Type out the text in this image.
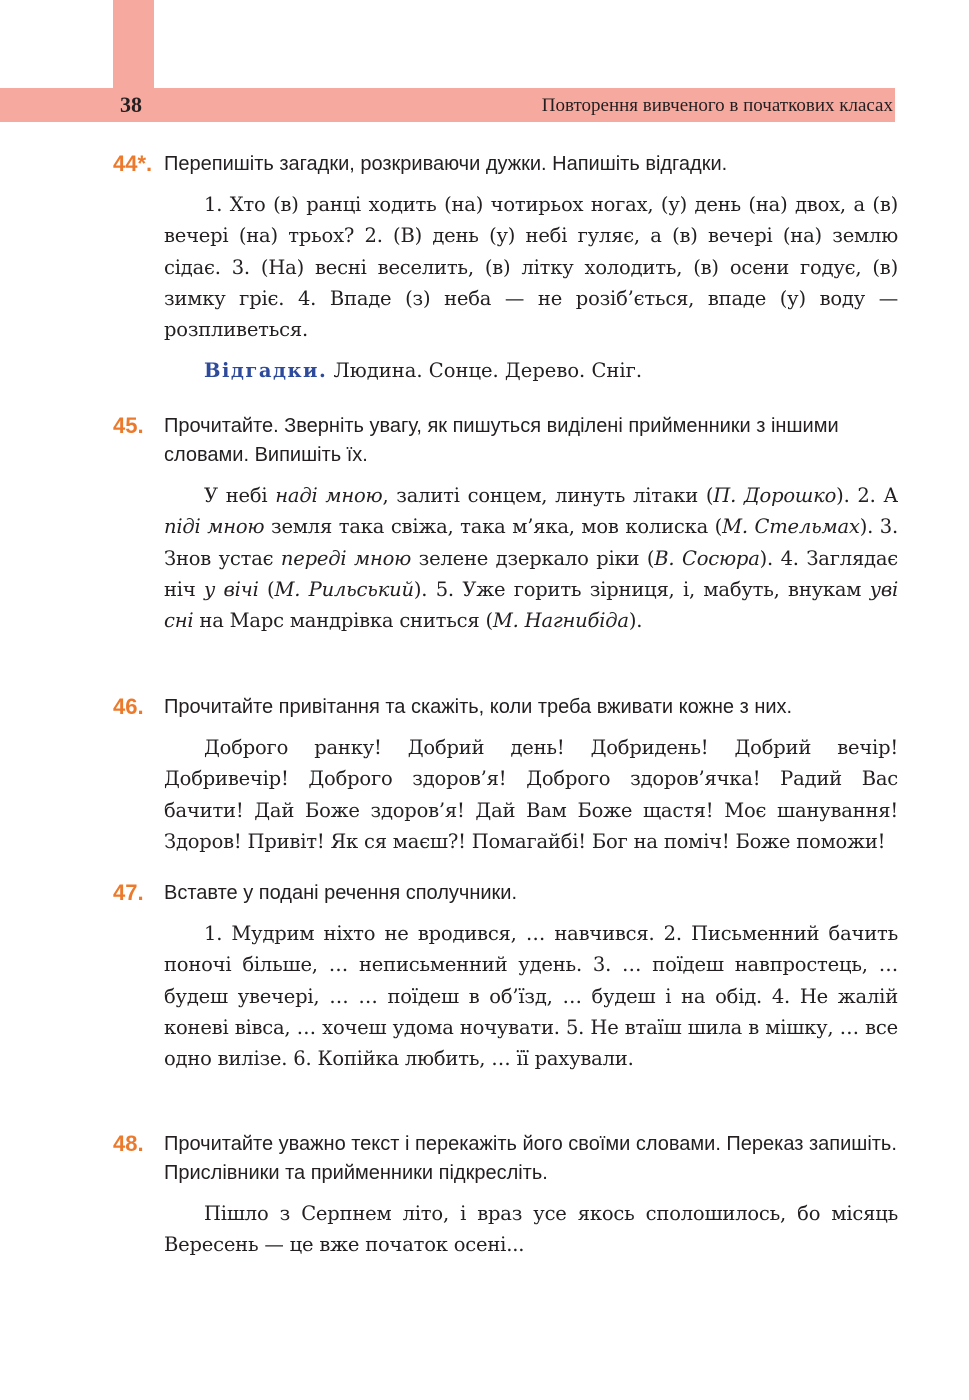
38	Повторення вивченого в початкових класах
44*. Перепишіть загадки, розкриваючи дужки. Напишіть відгадки.
1. Хто (в) ранці ходить (на) чотирьох ногах, (у) день (на) двох, а (в) вечері (на) трьох? 2. (В) день (у) небі гуляє, а (в) вечері (на) землю сідає. 3. (На) весні веселить, (в) літку холодить, (в) осени годує, (в) зимку гріє. 4. Впаде (з) неба — не розіб’ється, впаде (у) воду — розпливеться.
Відгадки. Людина. Сонце. Дерево. Сніг.
45. Прочитайте. Зверніть увагу, як пишуться виділені прийменники з іншими словами. Випишіть їх.
У небі наді мною, залиті сонцем, линуть літаки (П. Дорошко). 2. А піді мною земля така свіжа, така м’яка, мов колиска (М. Стельмах). 3. Знов устає переді мною зелене дзеркало ріки (В. Сосюра). 4. Заглядає ніч у вічі (М. Рильський). 5. Уже горить зірниця, і, мабуть, внукам уві сні на Марс мандрівка сниться (М. Нагнибіда).
46. Прочитайте привітання та скажіть, коли треба вживати кожне з них.
Доброго ранку! Добрий день! Добридень! Добрий вечір! Добривечір! Доброго здоров’я! Доброго здоров’ячка! Радий Вас бачити! Дай Боже здоров’я! Дай Вам Боже щастя! Моє шанування! Здоров! Привіт! Як ся маєш?! Помагайбі! Бог на поміч! Боже поможи!
47. Вставте у подані речення сполучники.
1. Мудрим ніхто не вродився, … навчився. 2. Письменний бачить поночі більше, … неписьменний удень. 3. … поїдеш навпростець, … будеш увечері, … … поїдеш в об’їзд, … будеш і на обід. 4. Не жалій коневі вівса, … хочеш удома ночувати. 5. Не втаїш шила в мішку, … все одно вилізе. 6. Копійка любить, … її рахували.
48. Прочитайте уважно текст і перекажіть його своїми словами. Переказ запишіть. Прислівники та прийменники підкресліть.
Пішло з Серпнем літо, і враз усе якось сполошилось, бо місяць Вересень — це вже початок осені...
